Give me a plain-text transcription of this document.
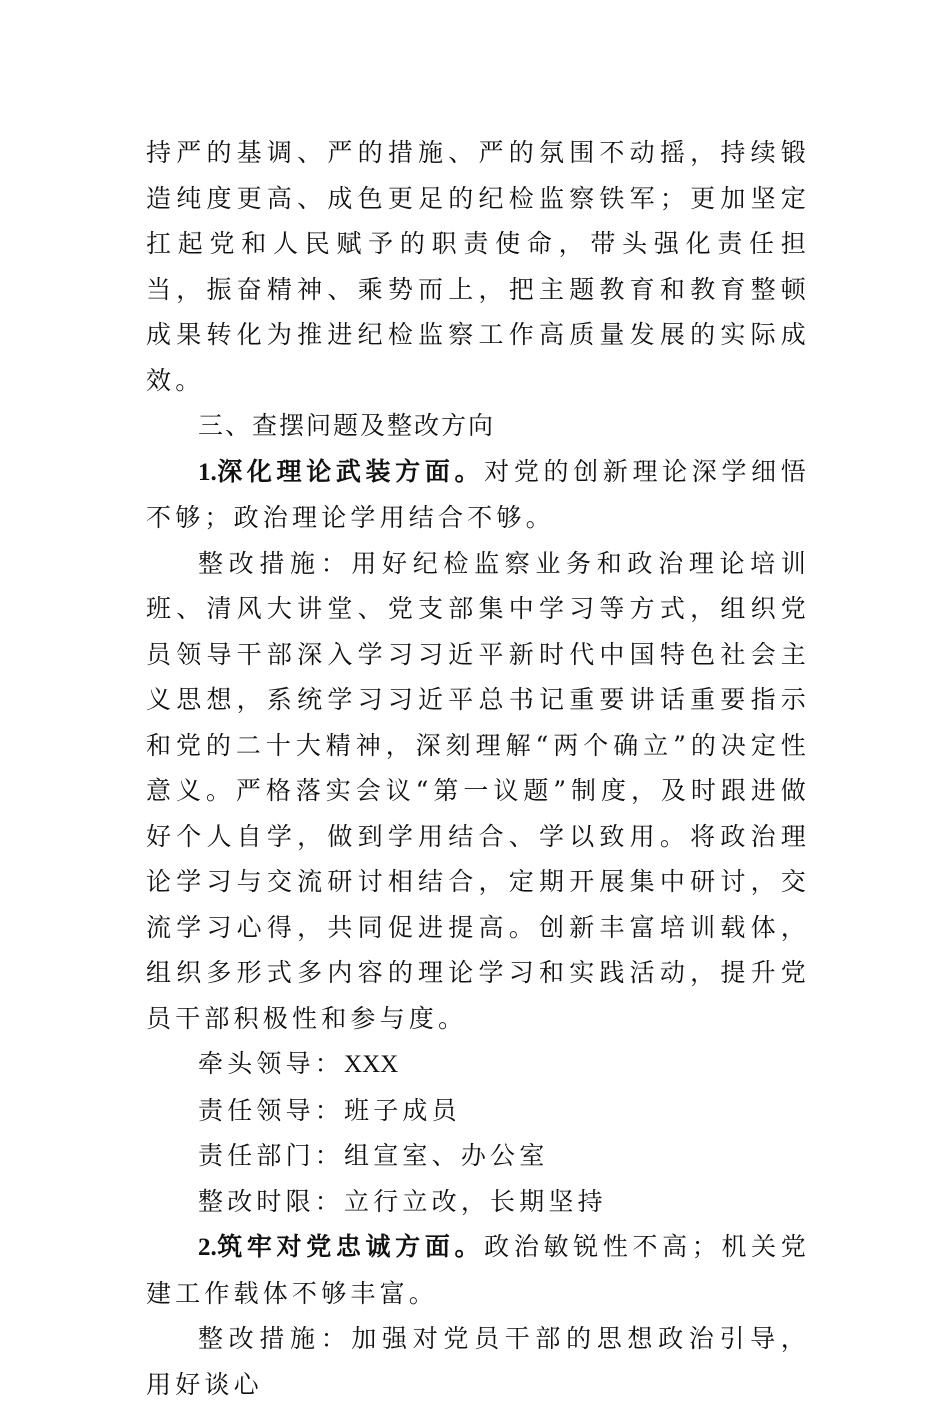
持严的基调、严的措施、严的氛围不动摇，持续锻造纯度更高、成色更足的纪检监察铁军；更加坚定扛起党和人民赋予的职责使命，带头强化责任担当，振奋精神、乘势而上，把主题教育和教育整顿成果转化为推进纪检监察工作高质量发展的实际成效。

三、查摆问题及整改方向

1.深化理论武装方面。对党的创新理论深学细悟不够；政治理论学用结合不够。

整改措施：用好纪检监察业务和政治理论培训班、清风大讲堂、党支部集中学习等方式，组织党员领导干部深入学习习近平新时代中国特色社会主义思想，系统学习习近平总书记重要讲话重要指示和党的二十大精神，深刻理解“两个确立”的决定性意义。严格落实会议“第一议题”制度，及时跟进做好个人自学，做到学用结合、学以致用。将政治理论学习与交流研讨相结合，定期开展集中研讨，交流学习心得，共同促进提高。创新丰富培训载体，组织多形式多内容的理论学习和实践活动，提升党员干部积极性和参与度。

牵头领导：XXX

责任领导：班子成员

责任部门：组宣室、办公室

整改时限：立行立改，长期坚持

2.筑牢对党忠诚方面。政治敏锐性不高；机关党建工作载体不够丰富。

整改措施：加强对党员干部的思想政治引导，用好谈心
